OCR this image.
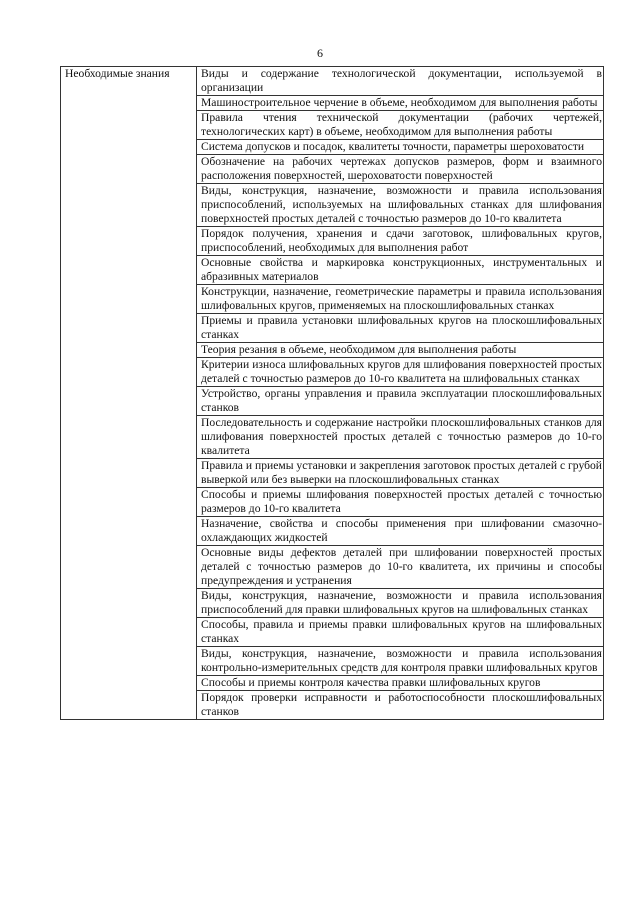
6
Необходимые знания	Виды и содержание технологической документации, используемой в организации
Машиностроительное черчение в объеме, необходимом для выполнения работы
Правила чтения технической документации (рабочих чертежей, технологических карт) в объеме, необходимом для выполнения работы
Система допусков и посадок, квалитеты точности, параметры шероховатости
Обозначение на рабочих чертежах допусков размеров, форм и взаимного расположения поверхностей, шероховатости поверхностей
Виды, конструкция, назначение, возможности и правила использования приспособлений, используемых на шлифовальных станках для шлифования поверхностей простых деталей с точностью размеров до 10-го квалитета
Порядок получения, хранения и сдачи заготовок, шлифовальных кругов, приспособлений, необходимых для выполнения работ
Основные свойства и маркировка конструкционных, инструментальных и абразивных материалов
Конструкции, назначение, геометрические параметры и правила использования шлифовальных кругов, применяемых на плоскошлифовальных станках
Приемы и правила установки шлифовальных кругов на плоскошлифовальных станках
Теория резания в объеме, необходимом для выполнения работы
Критерии износа шлифовальных кругов для шлифования поверхностей простых деталей с точностью размеров до 10-го квалитета на шлифовальных станках
Устройство, органы управления и правила эксплуатации плоскошлифовальных станков
Последовательность и содержание настройки плоскошлифовальных станков для шлифования поверхностей простых деталей с точностью размеров до 10-го квалитета
Правила и приемы установки и закрепления заготовок простых деталей с грубой выверкой или без выверки на плоскошлифовальных станках
Способы и приемы шлифования поверхностей простых деталей с точностью размеров до 10-го квалитета
Назначение, свойства и способы применения при шлифовании смазочно-охлаждающих жидкостей
Основные виды дефектов деталей при шлифовании поверхностей простых деталей с точностью размеров до 10-го квалитета, их причины и способы предупреждения и устранения
Виды, конструкция, назначение, возможности и правила использования приспособлений для правки шлифовальных кругов на шлифовальных станках
Способы, правила и приемы правки шлифовальных кругов на шлифовальных станках
Виды, конструкция, назначение, возможности и правила использования контрольно-измерительных средств для контроля правки шлифовальных кругов
Способы и приемы контроля качества правки шлифовальных кругов
Порядок проверки исправности и работоспособности плоскошлифовальных станков
